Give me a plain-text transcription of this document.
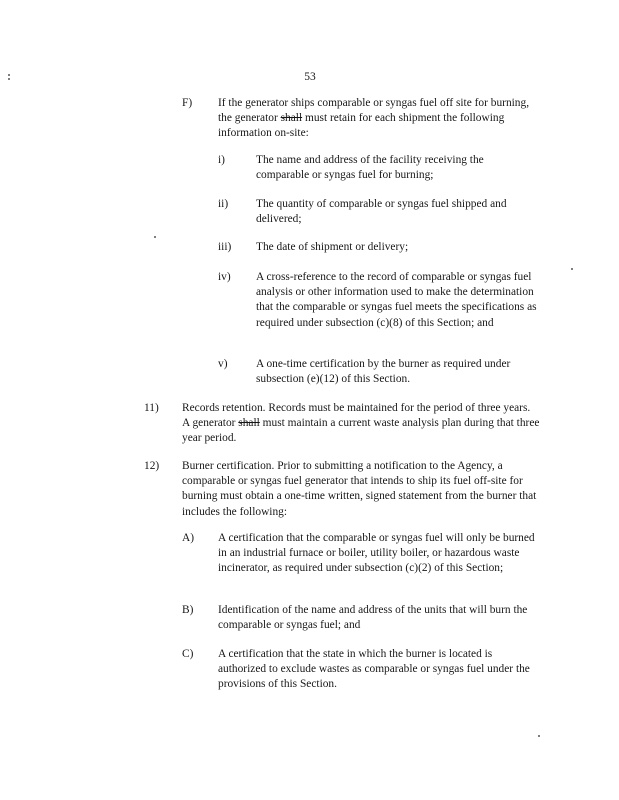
53
F) If the generator ships comparable or syngas fuel off site for burning, the generator shall must retain for each shipment the following information on-site:
i)	The name and address of the facility receiving the comparable or syngas fuel for burning;
ii) The quantity of comparable or syngas fuel shipped and delivered;
iii) The date of shipment or delivery;
iv) A cross-reference to the record of comparable or syngas fuel analysis or other information used to make the determination that the comparable or syngas fuel meets the specifications as required under subsection (c)(8) of this Section; and
v)	A one-time certification by the burner as required under subsection (e)(12) of this Section.
11) Records retention. Records must be maintained for the period of three years. A generator shall must maintain a current waste analysis plan during that three year period.
12) Burner certification. Prior to submitting a notification to the Agency, a comparable or syngas fuel generator that intends to ship its fuel off-site for burning must obtain a one-time written, signed statement from the burner that includes the following:
A) A certification that the comparable or syngas fuel will only be burned in an industrial furnace or boiler, utility boiler, or hazardous waste incinerator, as required under subsection (c)(2) of this Section;
B) Identification of the name and address of the units that will burn the comparable or syngas fuel; and
C) A certification that the state in which the burner is located is authorized to exclude wastes as comparable or syngas fuel under the provisions of this Section.
